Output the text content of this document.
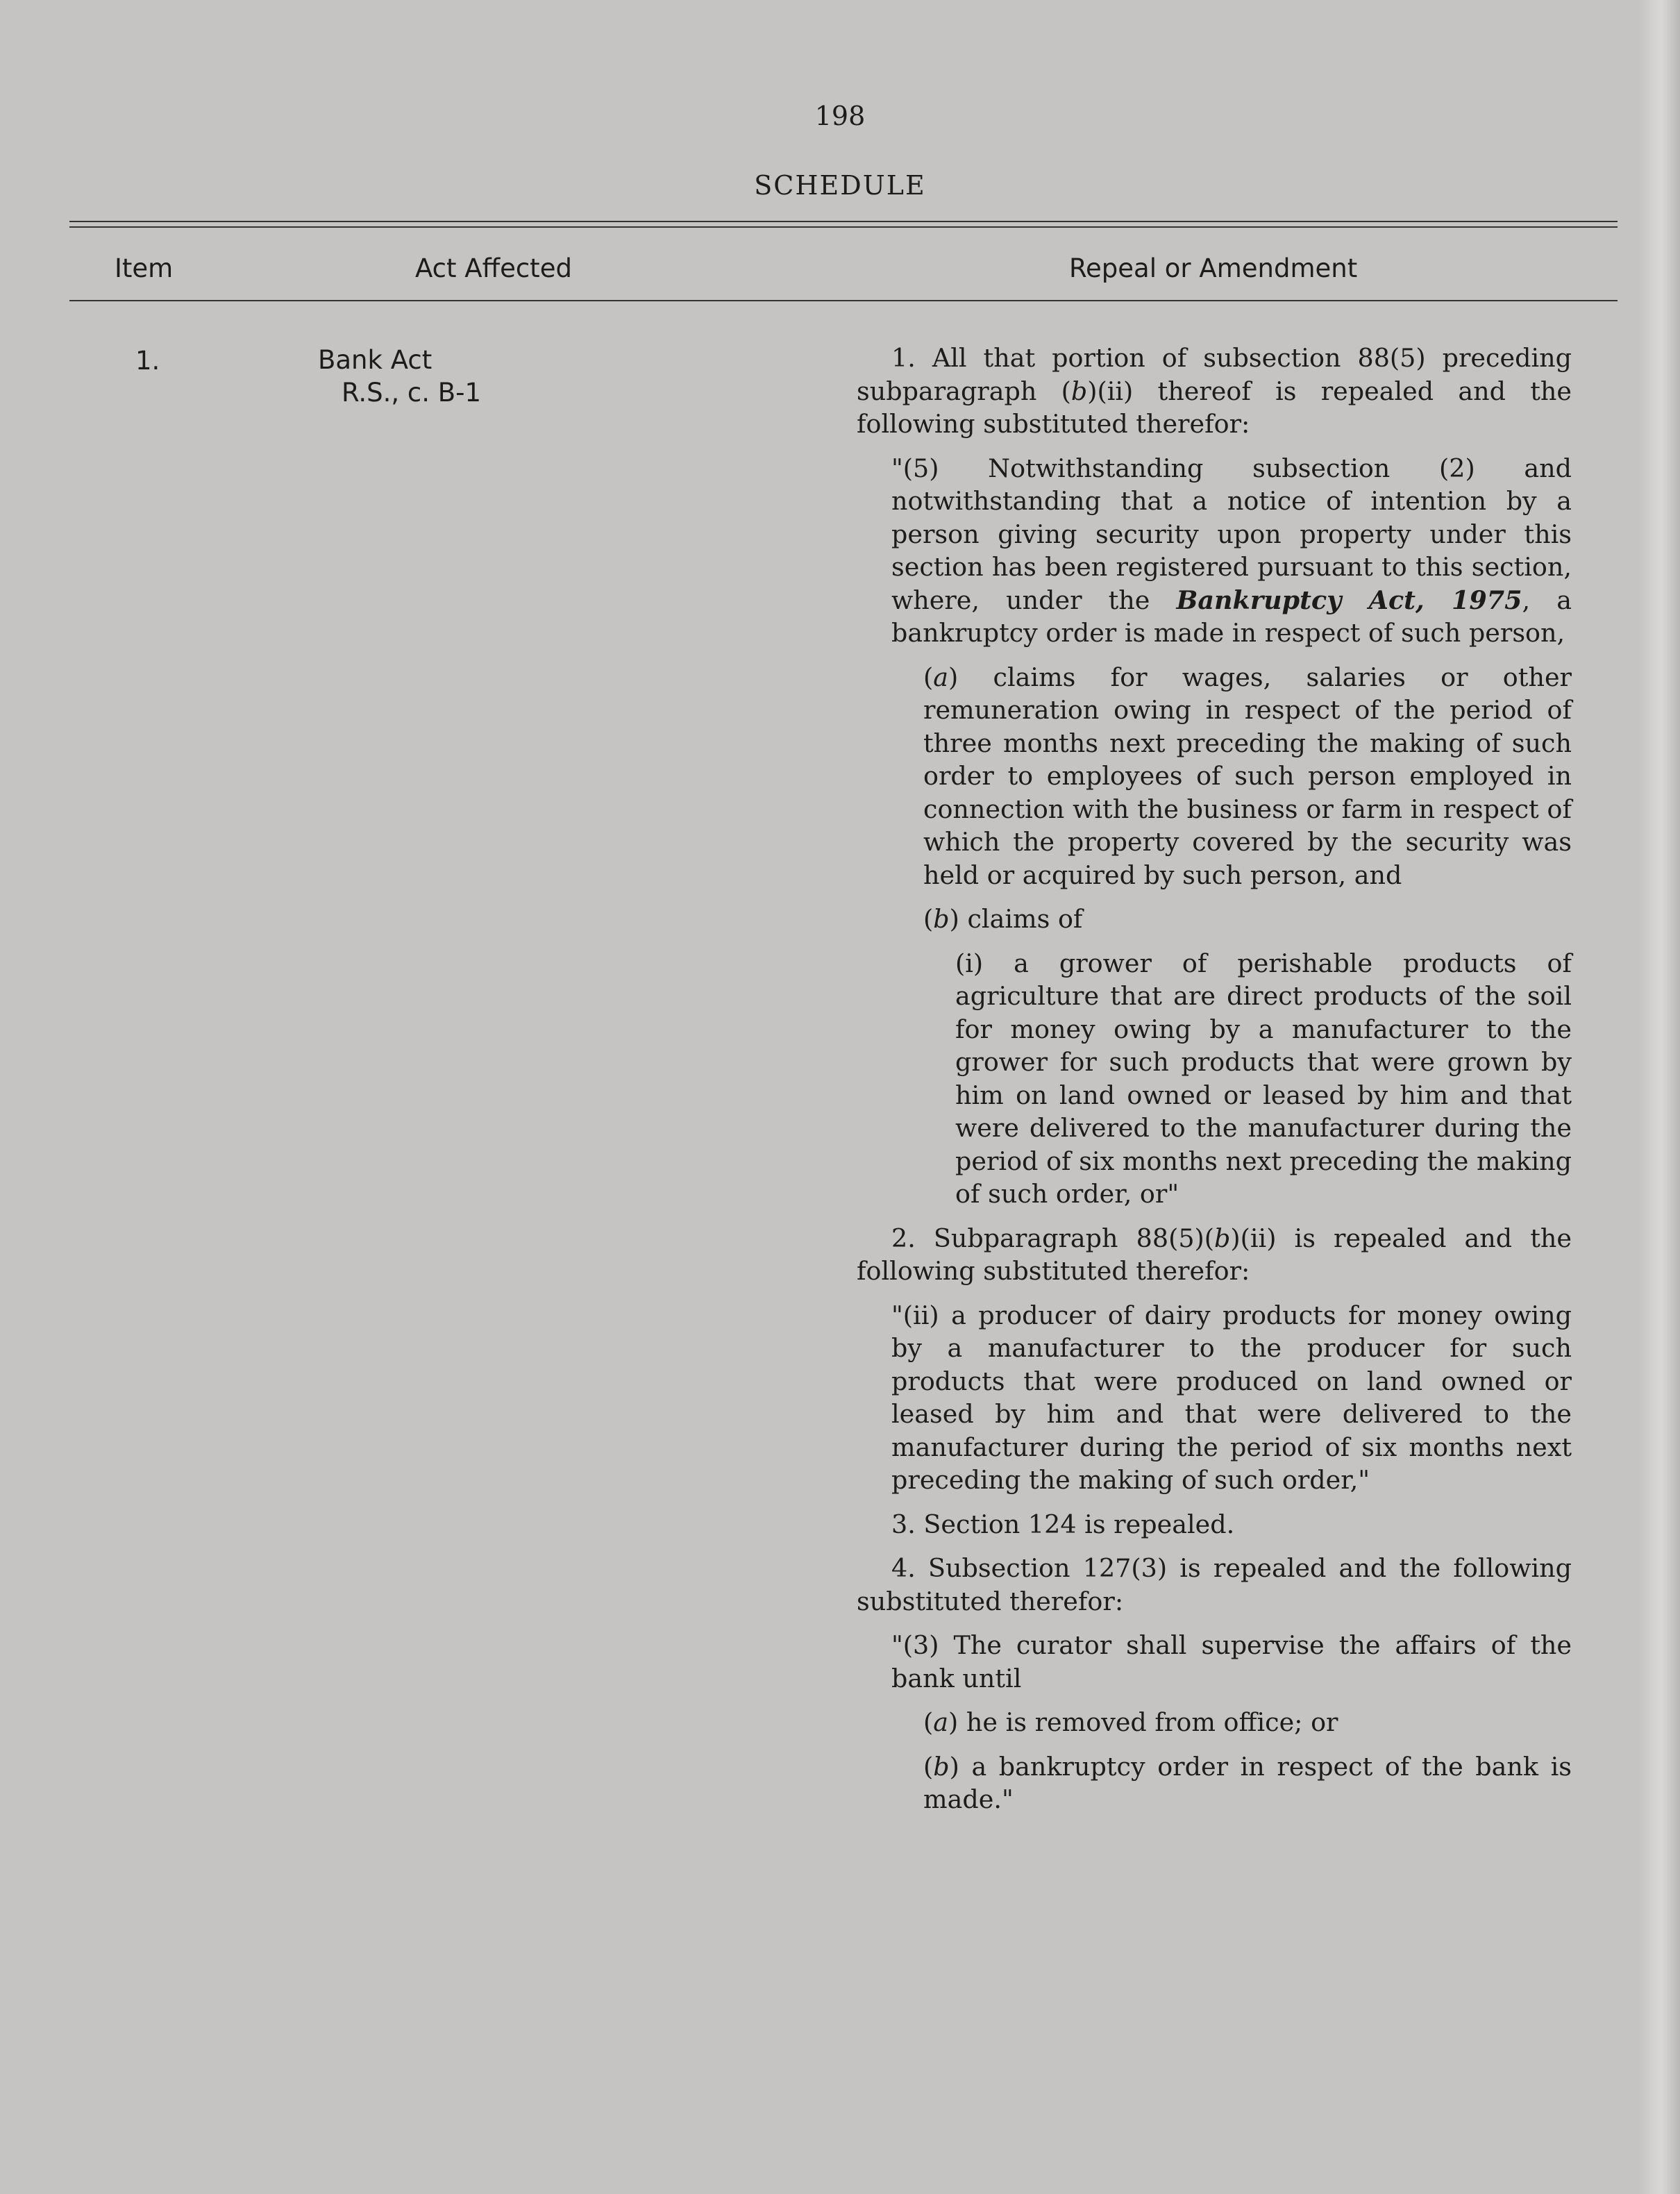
198
SCHEDULE
Item	Act Affected	Repeal or Amendment
1.	Bank Act
R.S., c. B-1

1. All that portion of subsection 88(5) preceding subparagraph (b)(ii) thereof is repealed and the following substituted therefor:

"(5) Notwithstanding subsection (2) and notwithstanding that a notice of intention by a person giving security upon property under this section has been registered pursuant to this section, where, under the Bankruptcy Act, 1975, a bankruptcy order is made in respect of such person,

(a) claims for wages, salaries or other remuneration owing in respect of the period of three months next preceding the making of such order to employees of such person employed in connection with the business or farm in respect of which the property covered by the security was held or acquired by such person, and

(b) claims of

(i) a grower of perishable products of agriculture that are direct products of the soil for money owing by a manufacturer to the grower for such products that were grown by him on land owned or leased by him and that were delivered to the manufacturer during the period of six months next preceding the making of such order, or"

2. Subparagraph 88(5)(b)(ii) is repealed and the following substituted therefor:

"(ii) a producer of dairy products for money owing by a manufacturer to the producer for such products that were produced on land owned or leased by him and that were delivered to the manufacturer during the period of six months next preceding the making of such order,"

3. Section 124 is repealed.

4. Subsection 127(3) is repealed and the following substituted therefor:

"(3) The curator shall supervise the affairs of the bank until

(a) he is removed from office; or

(b) a bankruptcy order in respect of the bank is made."
